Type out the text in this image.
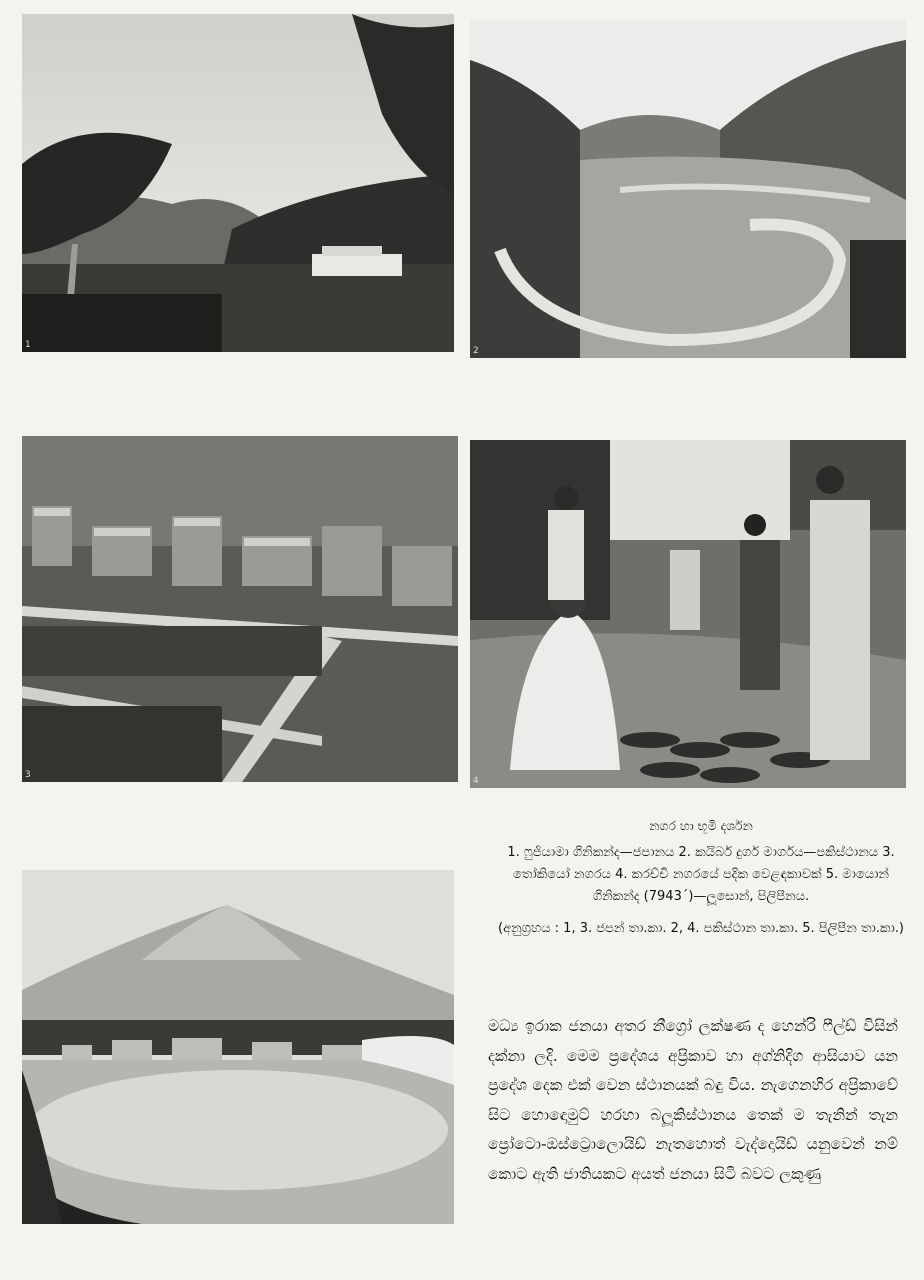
1
2
3
4
නගර හා භූමි දර්ශන
1. ෆුජියාමා ගිනිකන්ද—ජපානය 2. කයිබර් දුර්ග මාර්ගය—පකිස්ථානය 3. තෝකියෝ නගරය 4. කරච්චි නගරයේ පදික වෙළඳකාවක් 5. මායොන් ගිනිකන්ද (7943´)—ලූසොන්, පිලිපීනය.
(අනුග්‍රහය : 1, 3. ජපන් තා.කා. 2, 4. පකිස්ථාන තා.කා. 5. පිලිපීන තා.කා.)
මධ්‍ය ඉරාක ජනයා අතර නීග්‍රෝ ලක්ෂණ ද හෙන්රි ෆීල්ඩ් විසින් දක්නා ලදි. මෙම ප්‍රදේශය අප්‍රිකාව හා අග්නිදිග ආසියාව යන ප්‍රදේශ දෙක එක් වෙන ස්ථානයක් බඳු විය. නැගෙනහිර අප්‍රිකාවේ සිට හොඳොමුට් හරහා බලූකිස්ථානය තෙක් ම තැනින් තැන ප්‍රෝටො-ඔස්ට්‍රොලොයිඩ් නැතහොත් වැද්දොයිඩ් යනුවෙන් නම් කොට ඇති ජාතියකට අයත් ජනයා සිටි බවට ලකුණු
